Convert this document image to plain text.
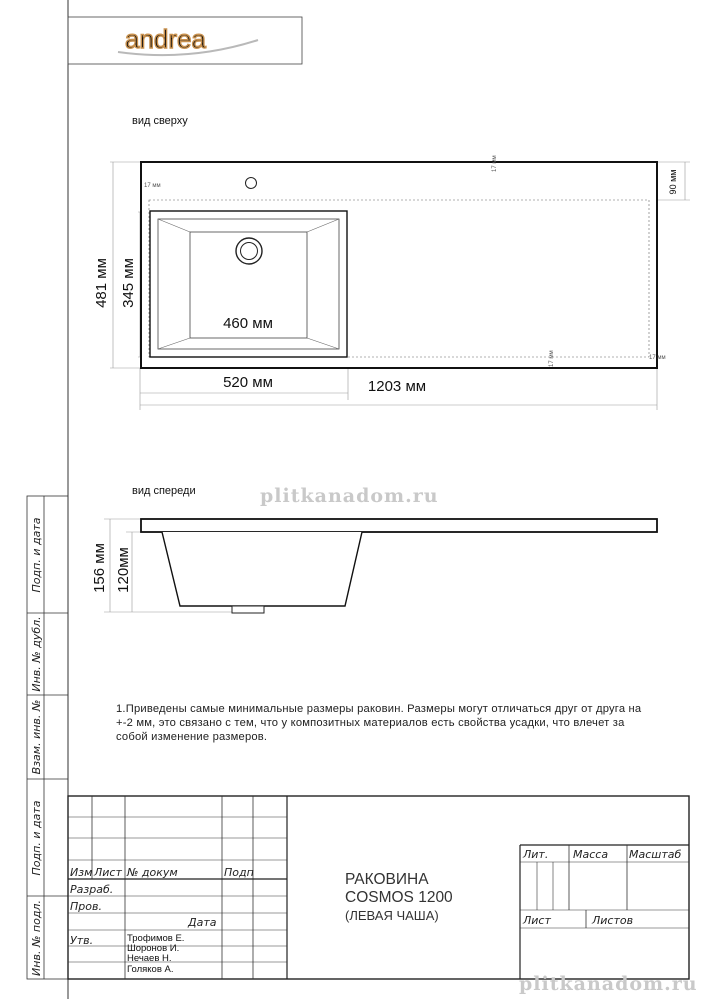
andrea
вид сверху
вид спереди
17 мм
17 мм
17 мм
17 мм
481 мм 345 мм
460 мм
520 мм	1203 мм
90 мм
156 мм 120мм
Подп. и дата
Инв. № дубл.
Взам. инв. №
Подп. и дата
Инв. № подл.
Изм Лист № докум	Подп
Разраб.
Пров.
Дата
Утв.	Трофимов Е.
Шоронов И.
Нечаев Н.
Голяков А.
РАКОВИНА
COSMOS 1200
(ЛЕВАЯ ЧАША)
Лит. Масса Масштаб
Лист	Листов
plitkanadom.ru
plitkanadom.ru
1.Приведены самые минимальные размеры раковин. Размеры могут отличаться друг от друга на +-2 мм, это связано с тем, что у композитных материалов есть свойства усадки, что влечет за собой изменение размеров.
